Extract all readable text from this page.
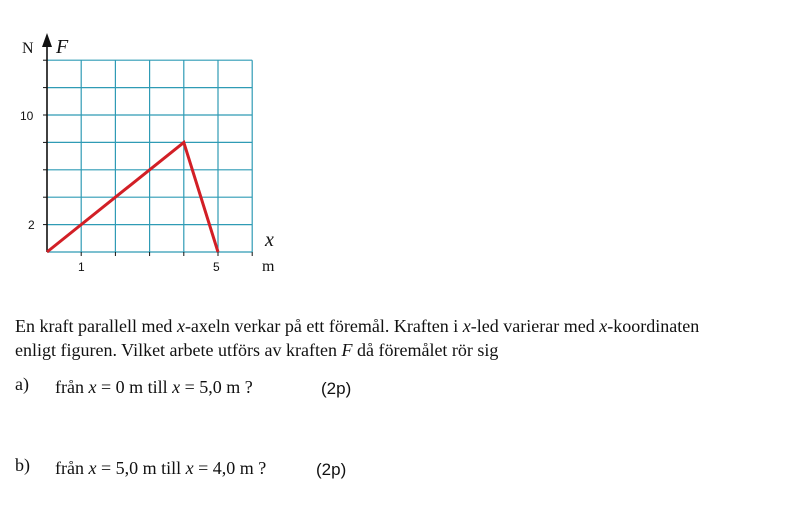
N F
10
2
1	5
x
m
En kraft parallell med x-axeln verkar på ett föremål. Kraften i x-led varierar med x-koordinaten
enligt figuren. Vilket arbete utförs av kraften F då föremålet rör sig
a) från x = 0 m till x = 5,0 m ?	(2p)
b) från x = 5,0 m till x = 4,0 m ?	(2p)
